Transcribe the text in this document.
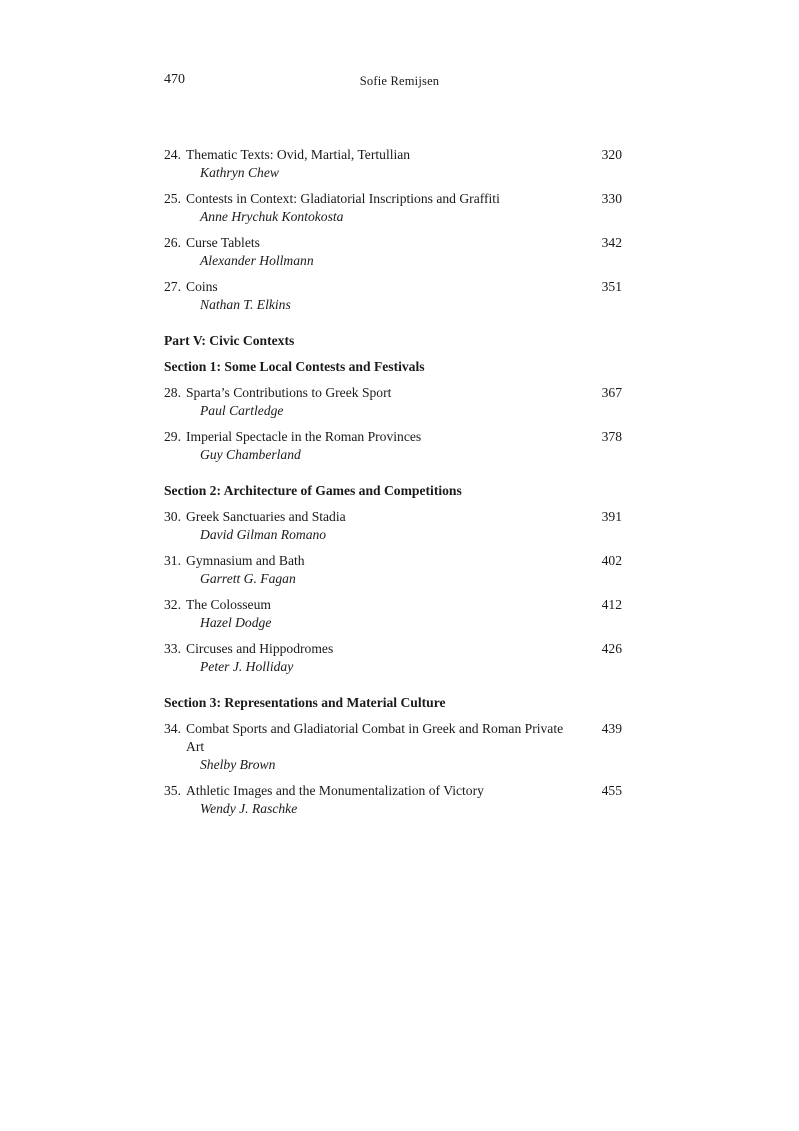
470	Sofie Remijsen
24. Thematic Texts: Ovid, Martial, Tertullian
Kathryn Chew
320
25. Contests in Context: Gladiatorial Inscriptions and Graffiti
Anne Hrychuk Kontokosta
330
26. Curse Tablets
Alexander Hollmann
342
27. Coins
Nathan T. Elkins
351
Part V: Civic Contexts
Section 1: Some Local Contests and Festivals
28. Sparta’s Contributions to Greek Sport
Paul Cartledge
367
29. Imperial Spectacle in the Roman Provinces
Guy Chamberland
378
Section 2: Architecture of Games and Competitions
30. Greek Sanctuaries and Stadia
David Gilman Romano
391
31. Gymnasium and Bath
Garrett G. Fagan
402
32. The Colosseum
Hazel Dodge
412
33. Circuses and Hippodromes
Peter J. Holliday
426
Section 3: Representations and Material Culture
34. Combat Sports and Gladiatorial Combat in Greek and Roman Private Art
Shelby Brown
439
35. Athletic Images and the Monumentalization of Victory
Wendy J. Raschke
455
